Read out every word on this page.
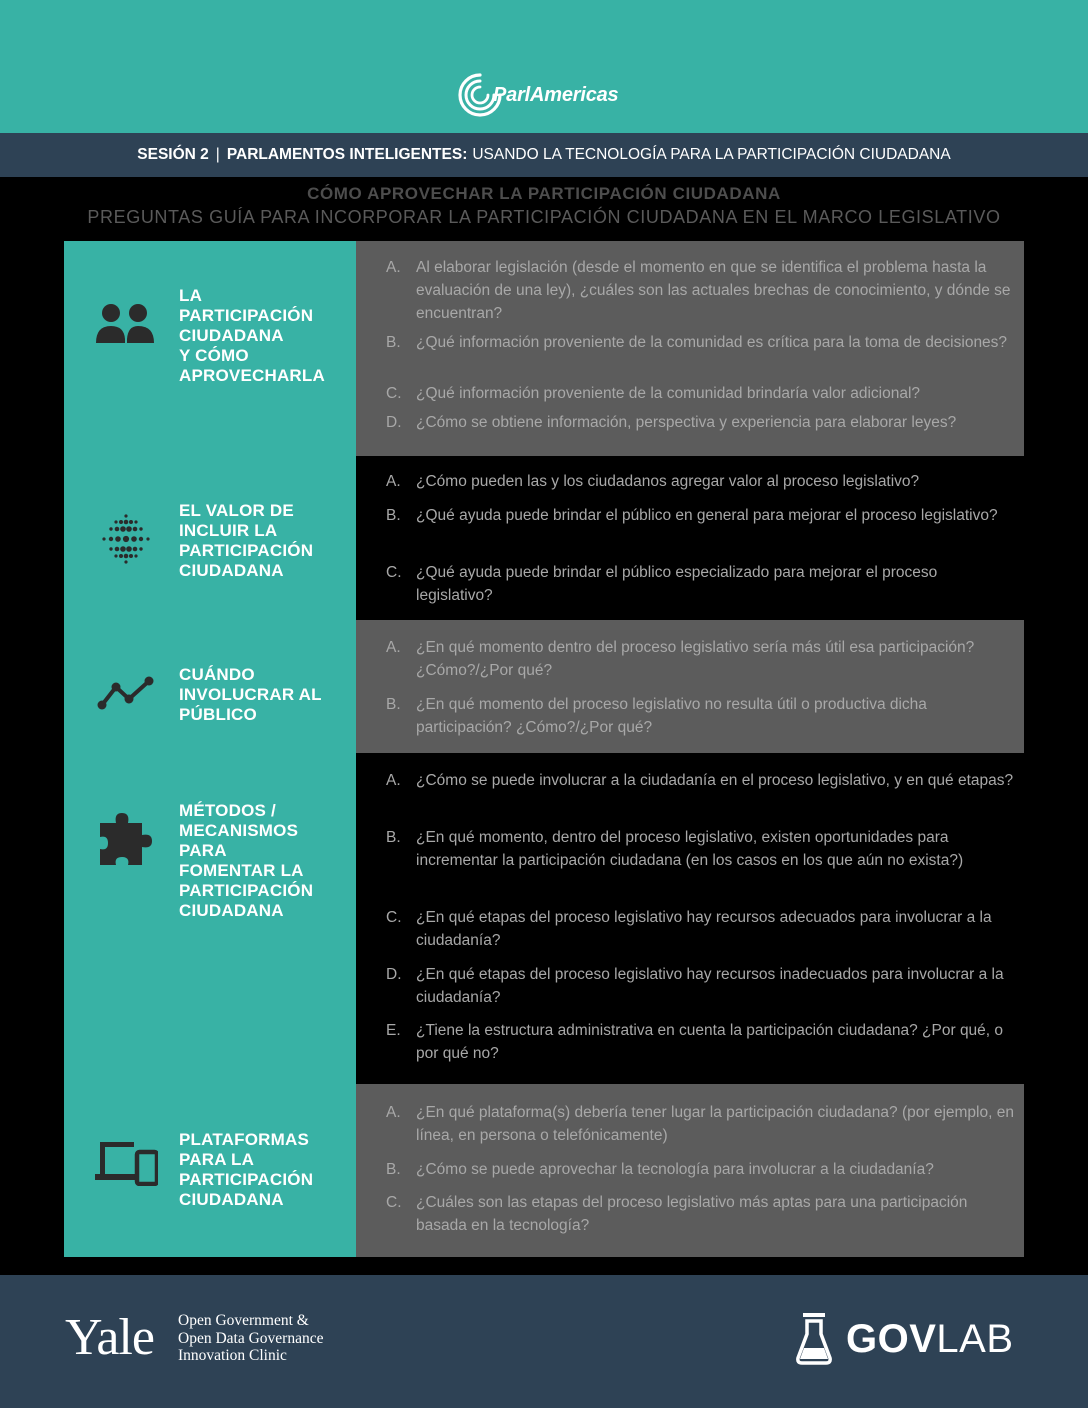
ParlAmericas
SESIÓN 2 | PARLAMENTOS INTELIGENTES: USANDO LA TECNOLOGÍA PARA LA PARTICIPACIÓN CIUDADANA
CÓMO APROVECHAR LA PARTICIPACIÓN CIUDADANA
PREGUNTAS GUÍA PARA INCORPORAR LA PARTICIPACIÓN CIUDADANA EN EL MARCO LEGISLATIVO
LA
PARTICIPACIÓN
CIUDADANA
Y CÓMO
APROVECHARLA
A. Al elaborar legislación (desde el momento en que se identifica el problema hasta la evaluación de una ley), ¿cuáles son las actuales brechas de conocimiento, y dónde se encuentran?
B. ¿Qué información proveniente de la comunidad es crítica para la toma de decisiones?
C. ¿Qué información proveniente de la comunidad brindaría valor adicional?
D. ¿Cómo se obtiene información, perspectiva y experiencia para elaborar leyes?
EL VALOR DE
INCLUIR LA
PARTICIPACIÓN
CIUDADANA
A. ¿Cómo pueden las y los ciudadanos agregar valor al proceso legislativo?
B. ¿Qué ayuda puede brindar el público en general para mejorar el proceso legislativo?
C. ¿Qué ayuda puede brindar el público especializado para mejorar el proceso legislativo?
CUÁNDO
INVOLUCRAR AL
PÚBLICO
A. ¿En qué momento dentro del proceso legislativo sería más útil esa participación? ¿Cómo?/¿Por qué?
B. ¿En qué momento del proceso legislativo no resulta útil o productiva dicha participación? ¿Cómo?/¿Por qué?
MÉTODOS /
MECANISMOS
PARA
FOMENTAR LA
PARTICIPACIÓN
CIUDADANA
A. ¿Cómo se puede involucrar a la ciudadanía en el proceso legislativo, y en qué etapas?
B. ¿En qué momento, dentro del proceso legislativo, existen oportunidades para incrementar la participación ciudadana (en los casos en los que aún no exista?)
C. ¿En qué etapas del proceso legislativo hay recursos adecuados para involucrar a la ciudadanía?
D. ¿En qué etapas del proceso legislativo hay recursos inadecuados para involucrar a la ciudadanía?
E. ¿Tiene la estructura administrativa en cuenta la participación ciudadana? ¿Por qué, o por qué no?
PLATAFORMAS
PARA LA
PARTICIPACIÓN
CIUDADANA
A. ¿En qué plataforma(s) debería tener lugar la participación ciudadana? (por ejemplo, en línea, en persona o telefónicamente)
B. ¿Cómo se puede aprovechar la tecnología para involucrar a la ciudadanía?
C. ¿Cuáles son las etapas del proceso legislativo más aptas para una participación basada en la tecnología?
Yale Open Government &
Open Data Governance
Innovation Clinic	GOVLAB
